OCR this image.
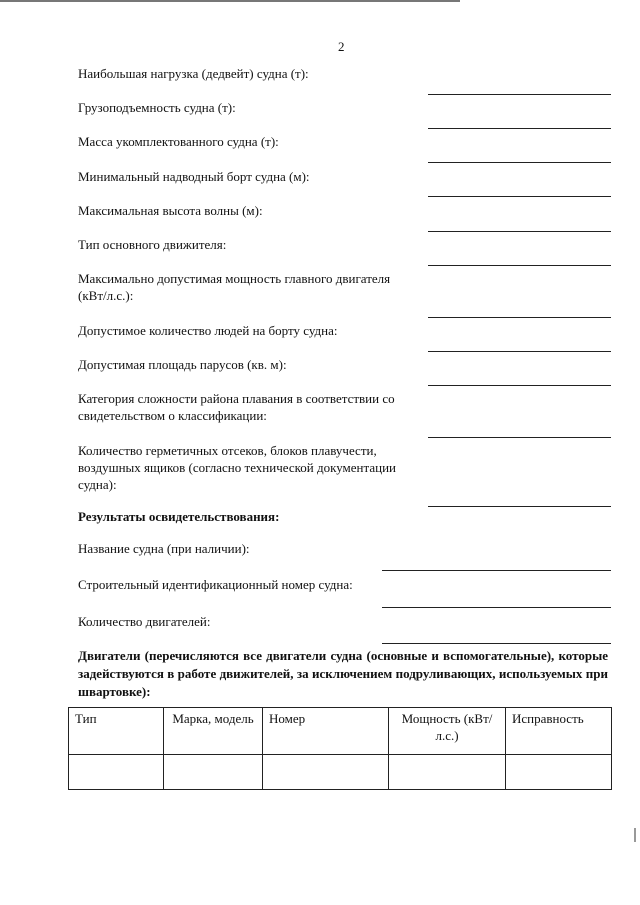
2
Наибольшая нагрузка (дедвейт) судна (т):
Грузоподъемность судна (т):
Масса укомплектованного судна (т):
Минимальный надводный борт судна (м):
Максимальная высота волны (м):
Тип основного движителя:
Максимально допустимая мощность главного двигателя (кВт/л.с.):
Допустимое количество людей на борту судна:
Допустимая площадь парусов (кв. м):
Категория сложности района плавания в соответствии со свидетельством о классификации:
Количество герметичных отсеков, блоков плавучести, воздушных ящиков (согласно технической документации судна):
Результаты освидетельствования:
Название судна (при наличии):
Строительный идентификационный номер судна:
Количество двигателей:
Двигатели (перечисляются все двигатели судна (основные и вспомогательные), которые задействуются в работе движителей, за исключением подруливающих, используемых при швартовке):
Тип	Марка, модель	Номер	Мощность (кВт/л.с.)	Исправность
